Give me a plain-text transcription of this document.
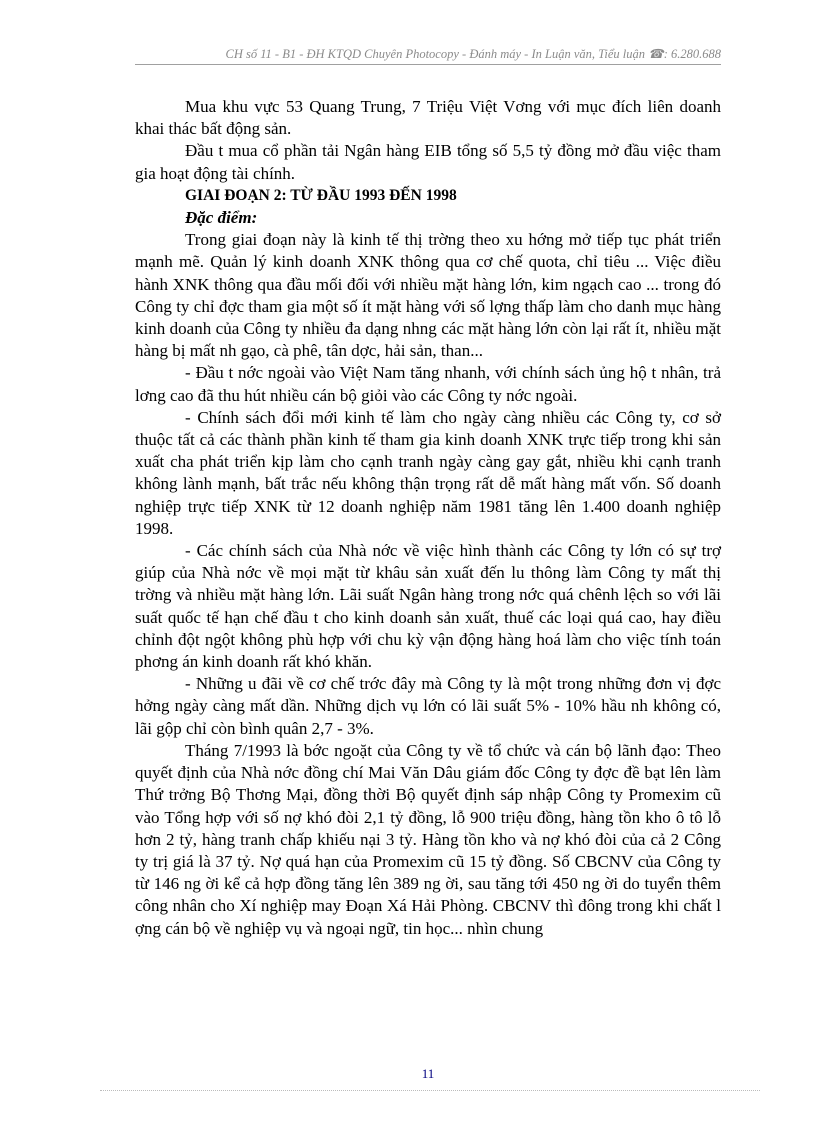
CH số 11 - B1 - ĐH KTQD Chuyên Photocopy - Đánh máy - In Luận văn, Tiểu luận ☎: 6.280.688

Mua khu vực 53 Quang Trung, 7 Triệu Việt Vơng với mục đích liên doanh khai thác bất động sản.

Đầu t mua cổ phần tải Ngân hàng EIB tổng số 5,5 tỷ đồng mở đầu việc tham gia hoạt động tài chính.

GIAI ĐOẠN 2: TỪ ĐẦU 1993 ĐẾN 1998

Đặc điểm:

Trong giai đoạn này là kinh tế thị trờng theo xu hớng mở tiếp tục phát triển mạnh mẽ. Quản lý kinh doanh XNK thông qua cơ chế quota, chỉ tiêu ... Việc điều hành XNK thông qua đầu mối đối với nhiều mặt hàng lớn, kim ngạch cao ... trong đó Công ty chỉ đợc tham gia một số ít mặt hàng với số lợng thấp làm cho danh mục hàng kinh doanh của Công ty nhiều đa dạng nhng các mặt hàng lớn còn lại rất ít, nhiều mặt hàng bị mất nh gạo, cà phê, tân dợc, hải sản, than...

- Đầu t nớc ngoài vào Việt Nam tăng nhanh, với chính sách ủng hộ t nhân, trả lơng cao đã thu hút nhiều cán bộ giỏi vào các Công ty nớc ngoài.

- Chính sách đổi mới kinh tế làm cho ngày càng nhiều các Công ty, cơ sở thuộc tất cả các thành phần kinh tế tham gia kinh doanh XNK trực tiếp trong khi sản xuất cha phát triển kịp làm cho cạnh tranh ngày càng gay gắt, nhiều khi cạnh tranh không lành mạnh, bất trắc nếu không thận trọng rất dễ mất hàng mất vốn. Số doanh nghiệp trực tiếp XNK từ 12 doanh nghiệp năm 1981 tăng lên 1.400 doanh nghiệp 1998.

- Các chính sách của Nhà nớc về việc hình thành các Công ty lớn có sự trợ giúp của Nhà nớc về mọi mặt từ khâu sản xuất đến lu thông làm Công ty mất thị trờng và nhiều mặt hàng lớn. Lãi suất Ngân hàng trong nớc quá chênh lệch so với lãi suất quốc tế hạn chế đầu t cho kinh doanh sản xuất, thuế các loại quá cao, hay điều chỉnh đột ngột không phù hợp với chu kỳ vận động hàng hoá làm cho việc tính toán phơng án kinh doanh rất khó khăn.

- Những u đãi về cơ chế trớc đây mà Công ty là một trong những đơn vị đợc hởng ngày càng mất dần. Những dịch vụ lớn có lãi suất 5% - 10% hầu nh không có, lãi gộp chỉ còn bình quân 2,7 - 3%.

Tháng 7/1993 là bớc ngoặt của Công ty về tổ chức và cán bộ lãnh đạo: Theo quyết định của Nhà nớc đồng chí Mai Văn Dâu giám đốc Công ty đợc đề bạt lên làm Thứ trởng Bộ Thơng Mại, đồng thời Bộ quyết định sáp nhập Công ty Promexim cũ vào Tổng hợp với số nợ khó đòi 2,1 tỷ đồng, lỗ 900 triệu đồng, hàng tồn kho ô tô lỗ hơn 2 tỷ, hàng tranh chấp khiếu nại 3 tỷ. Hàng tồn kho và nợ khó đòi của cả 2 Công ty trị giá là 37 tỷ. Nợ quá hạn của Promexim cũ 15 tỷ đồng. Số CBCNV của Công ty từ 146 ng ời kể cả hợp đồng tăng lên 389 ng ời, sau tăng tới 450 ng ời do tuyển thêm công nhân cho Xí nghiệp may Đoạn Xá Hải Phòng. CBCNV thì đông trong khi chất l ợng cán bộ về nghiệp vụ và ngoại ngữ, tin học... nhìn chung

11
